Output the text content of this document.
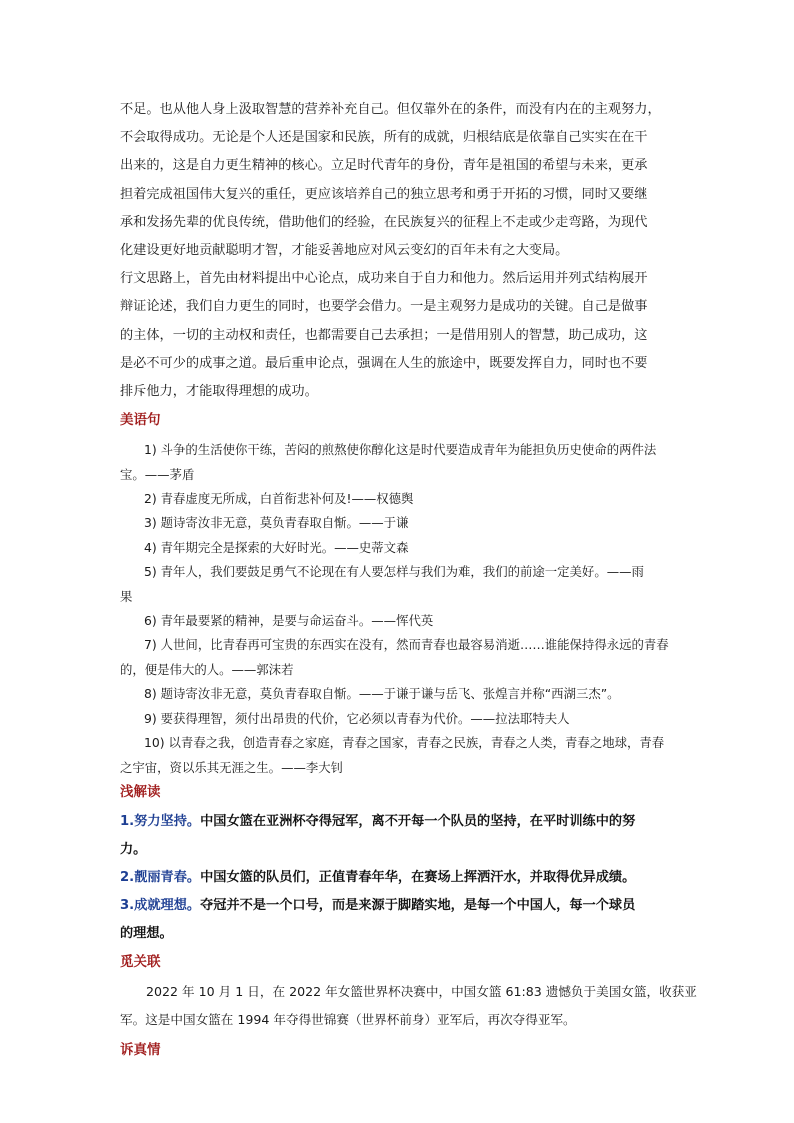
不足。也从他人身上汲取智慧的营养补充自己。但仅靠外在的条件，而没有内在的主观努力，
不会取得成功。无论是个人还是国家和民族，所有的成就，归根结底是依靠自己实实在在干
出来的，这是自力更生精神的核心。立足时代青年的身份，青年是祖国的希望与未来，更承
担着完成祖国伟大复兴的重任，更应该培养自己的独立思考和勇于开拓的习惯，同时又要继
承和发扬先辈的优良传统，借助他们的经验，在民族复兴的征程上不走或少走弯路，为现代
化建设更好地贡献聪明才智，才能妥善地应对风云变幻的百年未有之大变局。

行文思路上，首先由材料提出中心论点，成功来自于自力和他力。然后运用并列式结构展开
辩证论述，我们自力更生的同时，也要学会借力。一是主观努力是成功的关键。自己是做事
的主体，一切的主动权和责任，也都需要自己去承担；一是借用别人的智慧，助己成功，这
是必不可少的成事之道。最后重申论点，强调在人生的旅途中，既要发挥自力，同时也不要
排斥他力，才能取得理想的成功。

美语句
1) 斗争的生活使你干练，苦闷的煎熬使你醇化这是时代要造成青年为能担负历史使命的两件法
宝。——茅盾
2) 青春虚度无所成，白首衔悲补何及!——权德舆
3) 题诗寄汝非无意，莫负青春取自惭。——于谦
4) 青年期完全是探索的大好时光。——史蒂文森
5) 青年人，我们要鼓足勇气不论现在有人要怎样与我们为难，我们的前途一定美好。——雨
果
6) 青年最要紧的精神，是要与命运奋斗。——恽代英
7) 人世间，比青春再可宝贵的东西实在没有，然而青春也最容易消逝……谁能保持得永远的青春
的，便是伟大的人。——郭沫若
8) 题诗寄汝非无意，莫负青春取自惭。——于谦于谦与岳飞、张煌言并称“西湖三杰”。
9) 要获得理智，须付出昂贵的代价，它必须以青春为代价。——拉法耶特夫人
10) 以青春之我，创造青春之家庭，青春之国家，青春之民族，青春之人类，青春之地球，青春
之宇宙，资以乐其无涯之生。——李大钊
浅解读

1.努力坚持。中国女篮在亚洲杯夺得冠军，离不开每一个队员的坚持，在平时训练中的努
力。

2.靓丽青春。中国女篮的队员们，正值青春年华，在赛场上挥洒汗水，并取得优异成绩。

3.成就理想。夺冠并不是一个口号，而是来源于脚踏实地，是每一个中国人，每一个球员
的理想。

觅关联

2022 年 10 月 1 日，在 2022 年女篮世界杯决赛中，中国女篮 61:83 遗憾负于美国女篮，收获亚
军。这是中国女篮在 1994 年夺得世锦赛（世界杯前身）亚军后，再次夺得亚军。

诉真情
